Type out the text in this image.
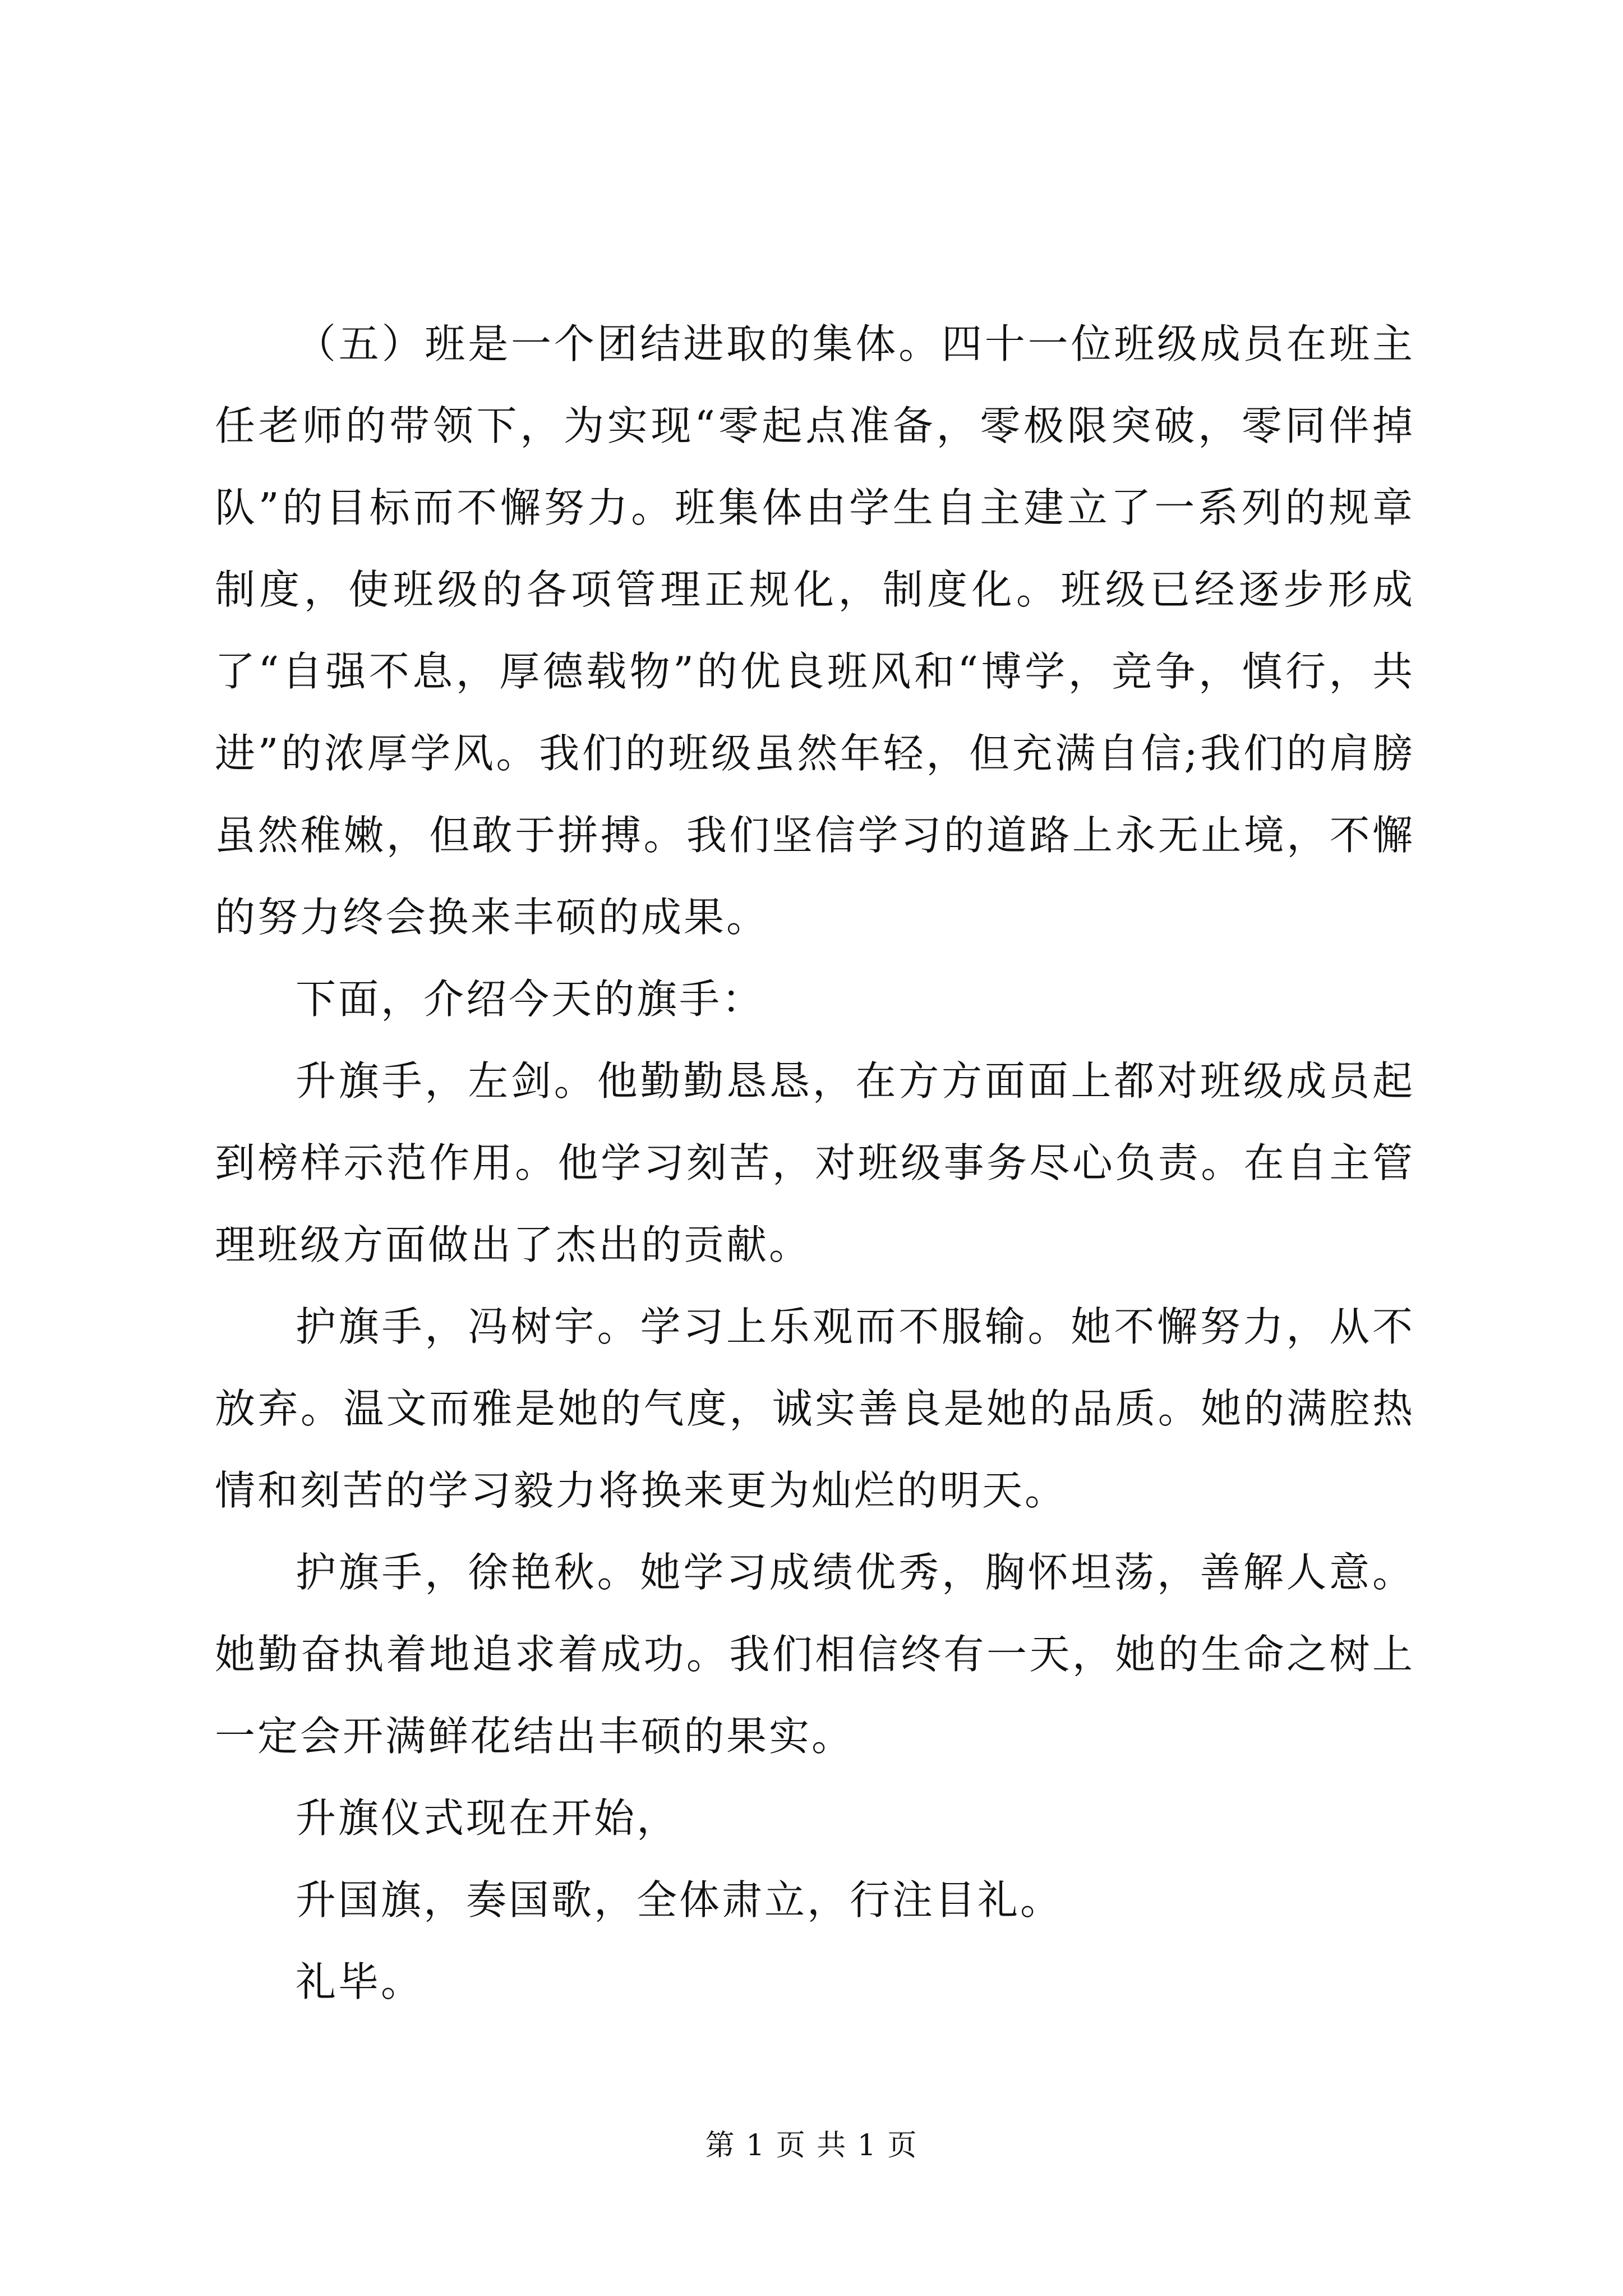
（五）班是一个团结进取的集体。四十一位班级成员在班主任老师的带领下，为实现“零起点准备，零极限突破，零同伴掉队”的目标而不懈努力。班集体由学生自主建立了一系列的规章制度，使班级的各项管理正规化，制度化。班级已经逐步形成了“自强不息，厚德载物”的优良班风和“博学，竞争，慎行，共进”的浓厚学风。我们的班级虽然年轻，但充满自信;我们的肩膀虽然稚嫩，但敢于拼搏。我们坚信学习的道路上永无止境，不懈的努力终会换来丰硕的成果。

下面，介绍今天的旗手：

升旗手，左剑。他勤勤恳恳，在方方面面上都对班级成员起到榜样示范作用。他学习刻苦，对班级事务尽心负责。在自主管理班级方面做出了杰出的贡献。

护旗手，冯树宇。学习上乐观而不服输。她不懈努力，从不放弃。温文而雅是她的气度，诚实善良是她的品质。她的满腔热情和刻苦的学习毅力将换来更为灿烂的明天。

护旗手，徐艳秋。她学习成绩优秀，胸怀坦荡，善解人意。她勤奋执着地追求着成功。我们相信终有一天，她的生命之树上一定会开满鲜花结出丰硕的果实。

升旗仪式现在开始，

升国旗，奏国歌，全体肃立，行注目礼。

礼毕。

第 1 页 共 1 页
